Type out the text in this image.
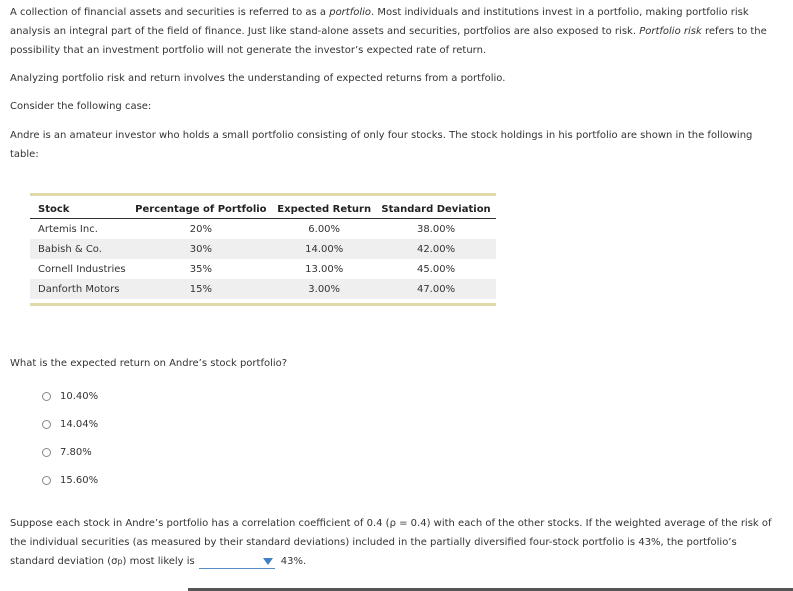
A collection of financial assets and securities is referred to as a portfolio. Most individuals and institutions invest in a portfolio, making portfolio risk analysis an integral part of the field of finance. Just like stand-alone assets and securities, portfolios are also exposed to risk. Portfolio risk refers to the possibility that an investment portfolio will not generate the investor’s expected rate of return.

Analyzing portfolio risk and return involves the understanding of expected returns from a portfolio.

Consider the following case:

Andre is an amateur investor who holds a small portfolio consisting of only four stocks. The stock holdings in his portfolio are shown in the following table:

Stock	Percentage of Portfolio	Expected Return	Standard Deviation
Artemis Inc.	20%	6.00%	38.00%
Babish & Co.	30%	14.00%	42.00%
Cornell Industries	35%	13.00%	45.00%
Danforth Motors	15%	3.00%	47.00%
What is the expected return on Andre’s stock portfolio?
10.40%
14.04%
7.80%
15.60%

Suppose each stock in Andre’s portfolio has a correlation coefficient of 0.4 (ρ = 0.4) with each of the other stocks. If the weighted average of the risk of the individual securities (as measured by their standard deviations) included in the partially diversified four-stock portfolio is 43%, the portfolio’s

standard deviation ( σ p ) most likely is	43%.
